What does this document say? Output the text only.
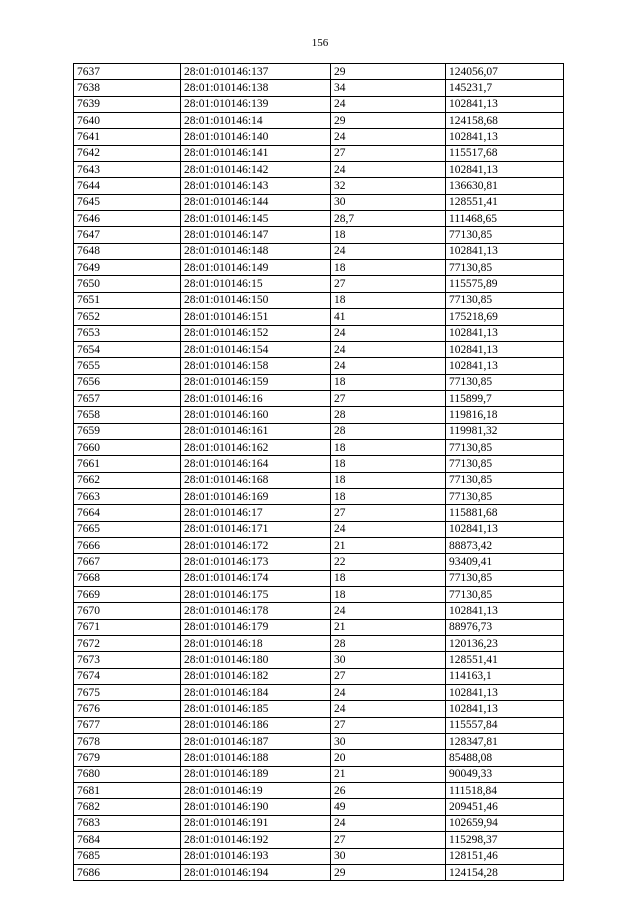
156
7637	28:01:010146:137	29	124056,07
7638	28:01:010146:138	34	145231,7
7639	28:01:010146:139	24	102841,13
7640	28:01:010146:14	29	124158,68
7641	28:01:010146:140	24	102841,13
7642	28:01:010146:141	27	115517,68
7643	28:01:010146:142	24	102841,13
7644	28:01:010146:143	32	136630,81
7645	28:01:010146:144	30	128551,41
7646	28:01:010146:145	28,7	111468,65
7647	28:01:010146:147	18	77130,85
7648	28:01:010146:148	24	102841,13
7649	28:01:010146:149	18	77130,85
7650	28:01:010146:15	27	115575,89
7651	28:01:010146:150	18	77130,85
7652	28:01:010146:151	41	175218,69
7653	28:01:010146:152	24	102841,13
7654	28:01:010146:154	24	102841,13
7655	28:01:010146:158	24	102841,13
7656	28:01:010146:159	18	77130,85
7657	28:01:010146:16	27	115899,7
7658	28:01:010146:160	28	119816,18
7659	28:01:010146:161	28	119981,32
7660	28:01:010146:162	18	77130,85
7661	28:01:010146:164	18	77130,85
7662	28:01:010146:168	18	77130,85
7663	28:01:010146:169	18	77130,85
7664	28:01:010146:17	27	115881,68
7665	28:01:010146:171	24	102841,13
7666	28:01:010146:172	21	88873,42
7667	28:01:010146:173	22	93409,41
7668	28:01:010146:174	18	77130,85
7669	28:01:010146:175	18	77130,85
7670	28:01:010146:178	24	102841,13
7671	28:01:010146:179	21	88976,73
7672	28:01:010146:18	28	120136,23
7673	28:01:010146:180	30	128551,41
7674	28:01:010146:182	27	114163,1
7675	28:01:010146:184	24	102841,13
7676	28:01:010146:185	24	102841,13
7677	28:01:010146:186	27	115557,84
7678	28:01:010146:187	30	128347,81
7679	28:01:010146:188	20	85488,08
7680	28:01:010146:189	21	90049,33
7681	28:01:010146:19	26	111518,84
7682	28:01:010146:190	49	209451,46
7683	28:01:010146:191	24	102659,94
7684	28:01:010146:192	27	115298,37
7685	28:01:010146:193	30	128151,46
7686	28:01:010146:194	29	124154,28
